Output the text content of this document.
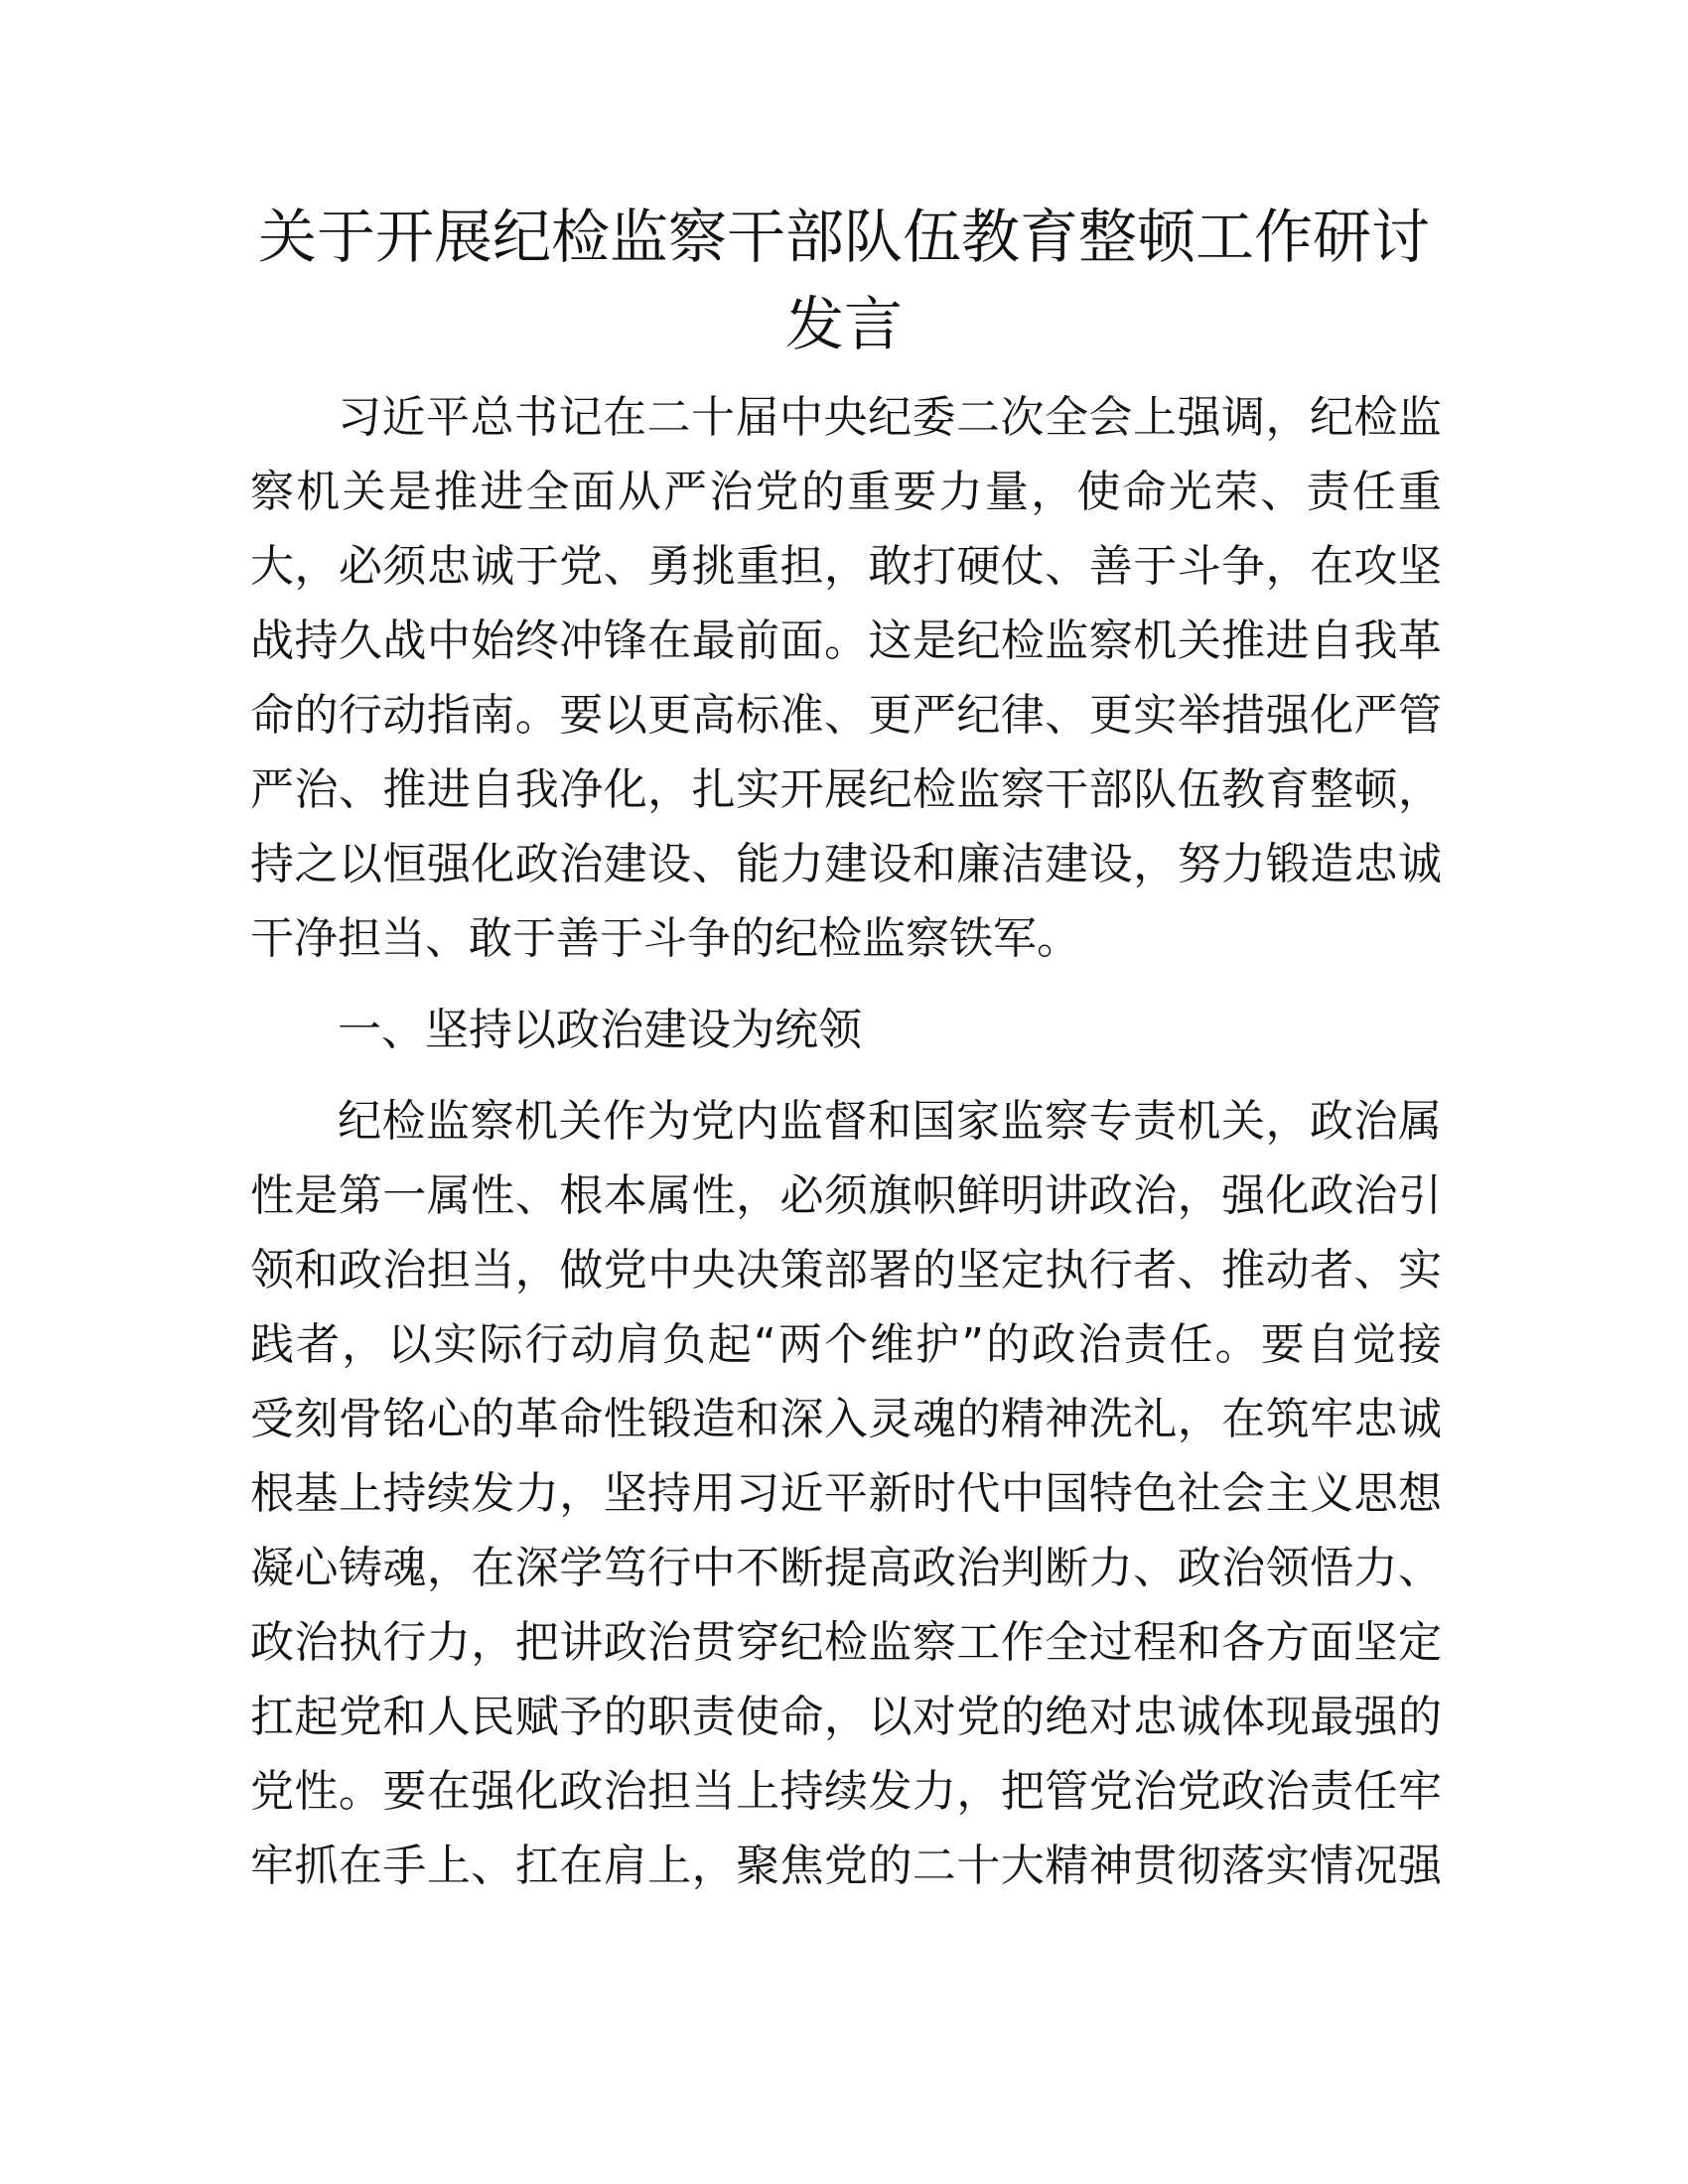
关于开展纪检监察干部队伍教育整顿工作研讨
发言
习近平总书记在二十届中央纪委二次全会上强调，纪检监
察机关是推进全面从严治党的重要力量，使命光荣、责任重
大，必须忠诚于党、勇挑重担，敢打硬仗、善于斗争，在攻坚
战持久战中始终冲锋在最前面。这是纪检监察机关推进自我革
命的行动指南。要以更高标准、更严纪律、更实举措强化严管
严治、推进自我净化，扎实开展纪检监察干部队伍教育整顿，
持之以恒强化政治建设、能力建设和廉洁建设，努力锻造忠诚
干净担当、敢于善于斗争的纪检监察铁军。
一、坚持以政治建设为统领
纪检监察机关作为党内监督和国家监察专责机关，政治属
性是第一属性、根本属性，必须旗帜鲜明讲政治，强化政治引
领和政治担当，做党中央决策部署的坚定执行者、推动者、实
践者，以实际行动肩负起“两个维护”的政治责任。要自觉接
受刻骨铭心的革命性锻造和深入灵魂的精神洗礼，在筑牢忠诚
根基上持续发力，坚持用习近平新时代中国特色社会主义思想
凝心铸魂，在深学笃行中不断提高政治判断力、政治领悟力、
政治执行力，把讲政治贯穿纪检监察工作全过程和各方面坚定
扛起党和人民赋予的职责使命，以对党的绝对忠诚体现最强的
党性。要在强化政治担当上持续发力，把管党治党政治责任牢
牢抓在手上、扛在肩上，聚焦党的二十大精神贯彻落实情况强
